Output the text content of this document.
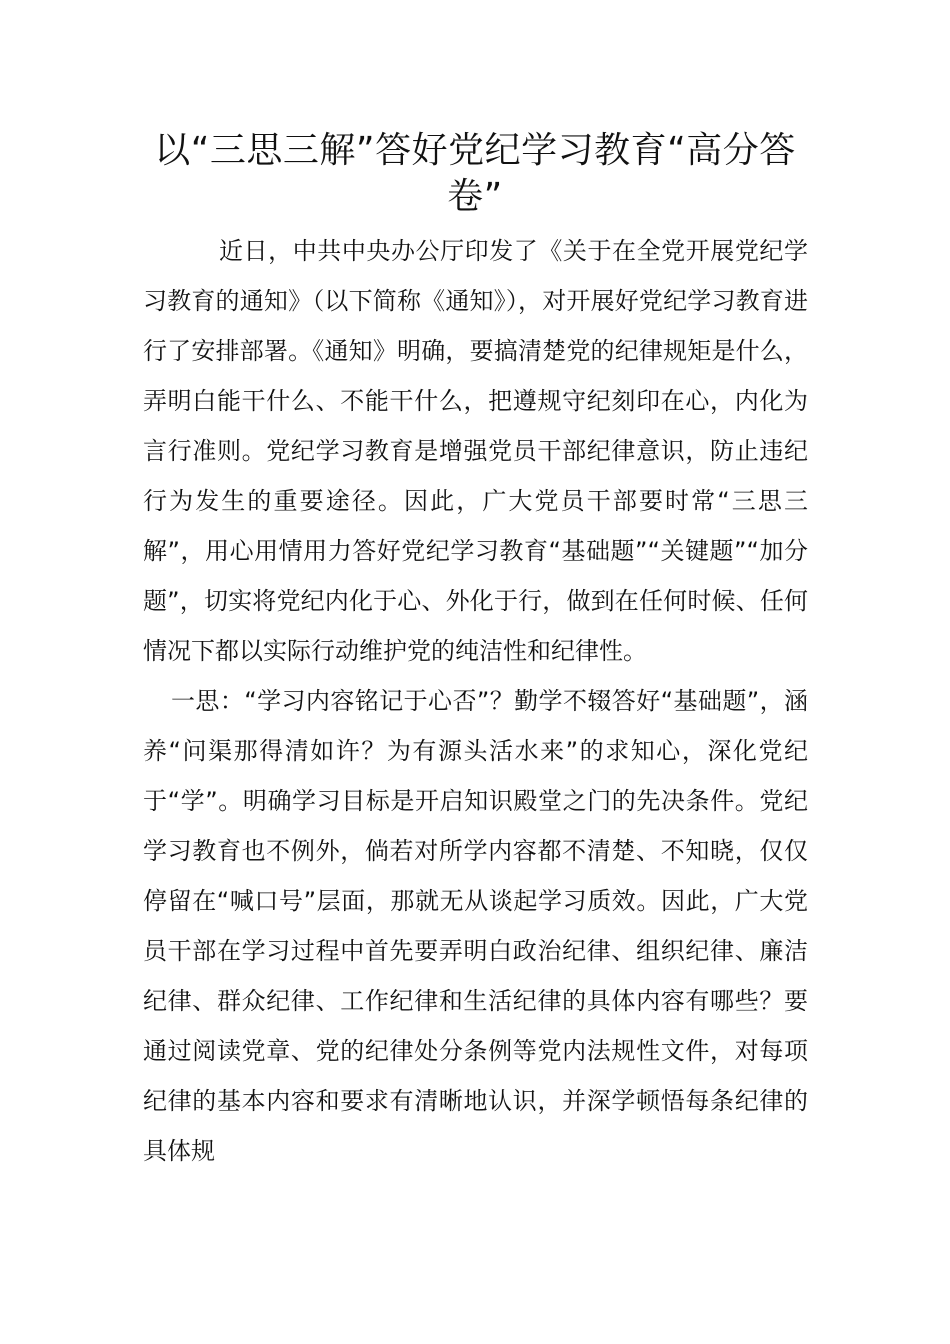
以“三思三解”答好党纪学习教育“高分答卷”

近日，中共中央办公厅印发了《关于在全党开展党纪学习教育的通知》（以下简称《通知》），对开展好党纪学习教育进行了安排部署。《通知》明确，要搞清楚党的纪律规矩是什么，弄明白能干什么、不能干什么，把遵规守纪刻印在心，内化为言行准则。党纪学习教育是增强党员干部纪律意识，防止违纪行为发生的重要途径。因此，广大党员干部要时常“三思三解”，用心用情用力答好党纪学习教育“基础题”“关键题”“加分题”，切实将党纪内化于心、外化于行，做到在任何时候、任何情况下都以实际行动维护党的纯洁性和纪律性。

一思：“学习内容铭记于心否”？勤学不辍答好“基础题”，涵养“问渠那得清如许？为有源头活水来”的求知心，深化党纪于“学”。明确学习目标是开启知识殿堂之门的先决条件。党纪学习教育也不例外，倘若对所学内容都不清楚、不知晓，仅仅停留在“喊口号”层面，那就无从谈起学习质效。因此，广大党员干部在学习过程中首先要弄明白政治纪律、组织纪律、廉洁纪律、群众纪律、工作纪律和生活纪律的具体内容有哪些？要通过阅读党章、党的纪律处分条例等党内法规性文件，对每项纪律的基本内容和要求有清晰地认识，并深学顿悟每条纪律的具体规
